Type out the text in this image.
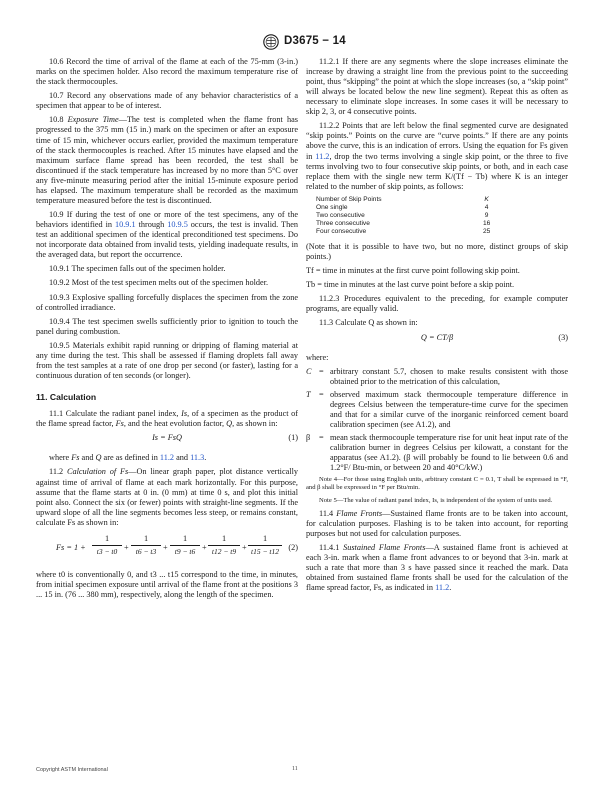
D3675 − 14

10.6 Record the time of arrival of the flame at each of the 75-mm (3-in.) marks on the specimen holder. Also record the maximum temperature rise of the stack thermocouples.

10.7 Record any observations made of any behavior characteristics of a specimen that appear to be of interest.

10.8 Exposure Time—The test is completed when the flame front has progressed to the 375 mm (15 in.) mark on the specimen or after an exposure time of 15 min, whichever occurs earlier, provided the maximum temperature of the stack thermocouples is reached. After 15 minutes have elapsed and the maximum surface flame spread has been recorded, the test shall be discontinued if the stack temperature has increased by no more than 5°C over any five-minute measuring period after the initial 15-minute exposure period has elapsed. The maximum temperature shall be recorded as the maximum temperature measured before the test is discontinued.

10.9 If during the test of one or more of the test specimens, any of the behaviors identified in 10.9.1 through 10.9.5 occurs, the test is invalid. Then test an additional specimen of the identical preconditioned test specimens. Do not incorporate data obtained from invalid tests, yielding inadequate results, in the averaged data, but report the occurrence.

10.9.1 The specimen falls out of the specimen holder.

10.9.2 Most of the test specimen melts out of the specimen holder.

10.9.3 Explosive spalling forcefully displaces the specimen from the zone of controlled irradiance.

10.9.4 The test specimen swells sufficiently prior to ignition to touch the panel during combustion.

10.9.5 Materials exhibit rapid running or dripping of flaming material at any time during the test. This shall be assessed if flaming droplets fall away from the test samples at a rate of one drop per second (or faster), lasting for a continuous duration of ten seconds (or longer).

11. Calculation

11.1 Calculate the radiant panel index, Is, of a specimen as the product of the flame spread factor, Fs, and the heat evolution factor, Q, as shown in:

Is = FsQ	(1)

where Fs and Q are as defined in 11.2 and 11.3.

11.2 Calculation of Fs—On linear graph paper, plot distance vertically against time of arrival of flame at each mark horizontally. For this purpose, assume that the flame starts at 0 in. (0 mm) at time 0 s, and plot this initial point also. Connect the six (or fewer) points with straight-line segments. If the upward slope of all the line segments becomes less steep, or remains constant, calculate Fs as shown in:

$Fs = 1 + \frac{1}{t3 - t0} + \frac{1}{t6 - t3} + \frac{1}{t9 - t6} + \frac{1}{t12 - t9} + \frac{1}{t15 - t12} (2)$

where t0 is conventionally 0, and t3 ... t15 correspond to the time, in minutes, from initial specimen exposure until arrival of the flame front at the positions 3 ... 15 in. (76 ... 380 mm), respectively, along the length of the specimen.

11.2.1 If there are any segments where the slope increases eliminate the increase by drawing a straight line from the previous point to the succeeding point, thus “skipping” the point at which the slope increases (so, a “skip point” will always be located below the new line segment). Repeat this as often as necessary to eliminate slope increases. In some cases it will be necessary to skip 2, 3, or 4 consecutive points.

11.2.2 Points that are left below the final segmented curve are designated “skip points.” Points on the curve are “curve points.” If there are any points above the curve, this is an indication of errors. Using the equation for Fs given in 11.2, drop the two terms involving a single skip point, or the three to five terms involving two to four consecutive skip points, or both, and in each case replace them with the single new term K/(Tf − Tb) where K is an integer related to the number of skip points, as follows:

Number of Skip Points	K
One single	4
Two consecutive	9
Three consecutive	16
Four consecutive	25

(Note that it is possible to have two, but no more, distinct groups of skip points.)

Tf = time in minutes at the first curve point following skip point.

Tb = time in minutes at the last curve point before a skip point.

11.2.3 Procedures equivalent to the preceding, for example computer programs, are equally valid.

11.3 Calculate Q as shown in:

Q = CT/β	(3)

where:

C = arbitrary constant 5.7, chosen to make results consistent with those obtained prior to the metrication of this calculation,
T	= observed maximum stack thermocouple temperature difference in degrees Celsius between the temperature-time curve for the specimen and that for a similar curve of the inorganic reinforced cement board calibration specimen (see A1.2), and
β	= mean stack thermocouple temperature rise for unit heat input rate of the calibration burner in degrees Celsius per kilowatt, a constant for the apparatus (see A1.2). (β will probably be found to lie between 0.6 and 1.2°F/ Btu-min, or between 20 and 40°C/kW.)

Note 4—For those using English units, arbitrary constant C = 0.1, T shall be expressed in °F, and β shall be expressed in °F per Btu/min.

Note 5—The value of radiant panel index, Is, is independent of the system of units used.

11.4 Flame Fronts—Sustained flame fronts are to be taken into account, for calculation purposes. Flashing is to be taken into account, for reporting purposes but not used for calculation purposes.

11.4.1 Sustained Flame Fronts—A sustained flame front is achieved at each 3-in. mark when a flame front advances to or beyond that 3-in. mark at such a rate that more than 3 s have passed since it reached the mark. Data obtained from sustained flame fronts shall be used for the calculation of the flame spread factor, Fs, as indicated in 11.2.

Copyright ASTM International	11
